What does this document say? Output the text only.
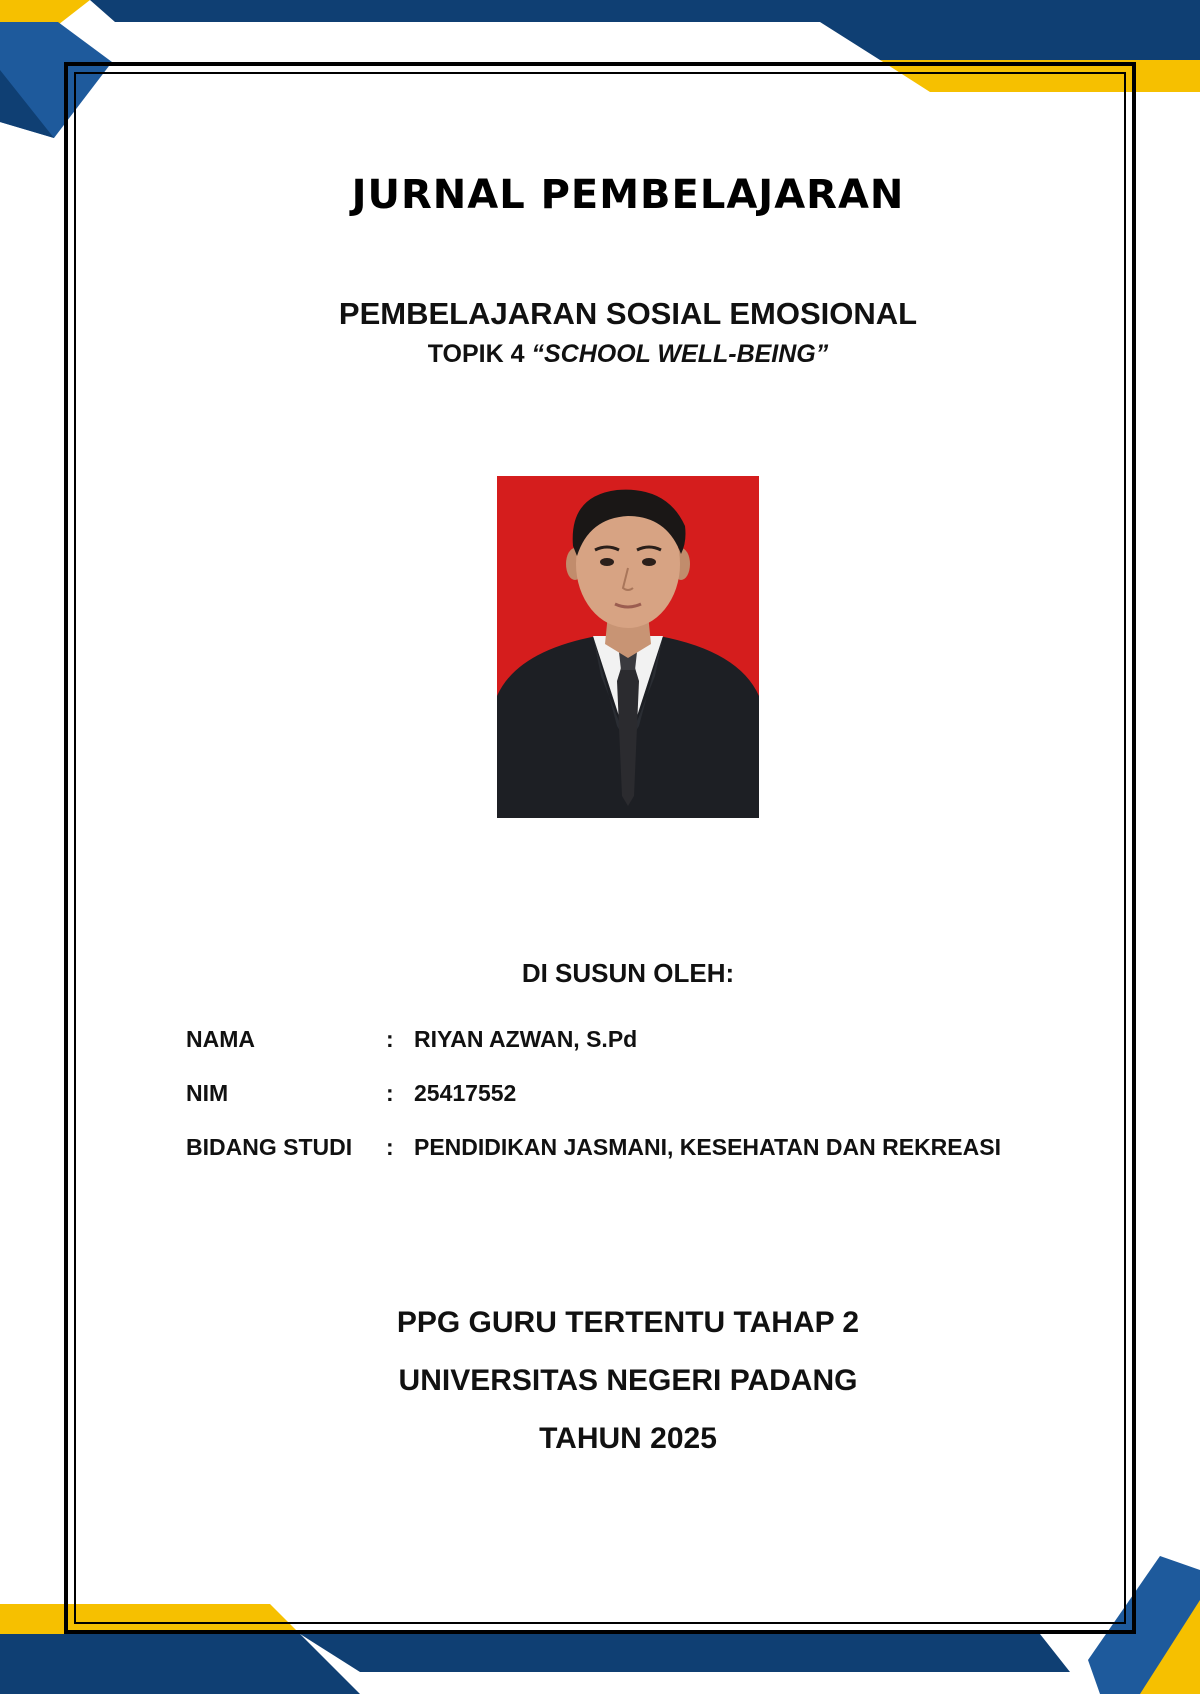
JURNAL PEMBELAJARAN
PEMBELAJARAN SOSIAL EMOSIONAL
TOPIK 4 “SCHOOL WELL-BEING”
DI SUSUN OLEH:
NAMA	: RIYAN AZWAN, S.Pd
NIM	: 25417552
BIDANG STUDI	: PENDIDIKAN JASMANI, KESEHATAN DAN REKREASI
PPG GURU TERTENTU TAHAP 2
UNIVERSITAS NEGERI PADANG
TAHUN 2025
